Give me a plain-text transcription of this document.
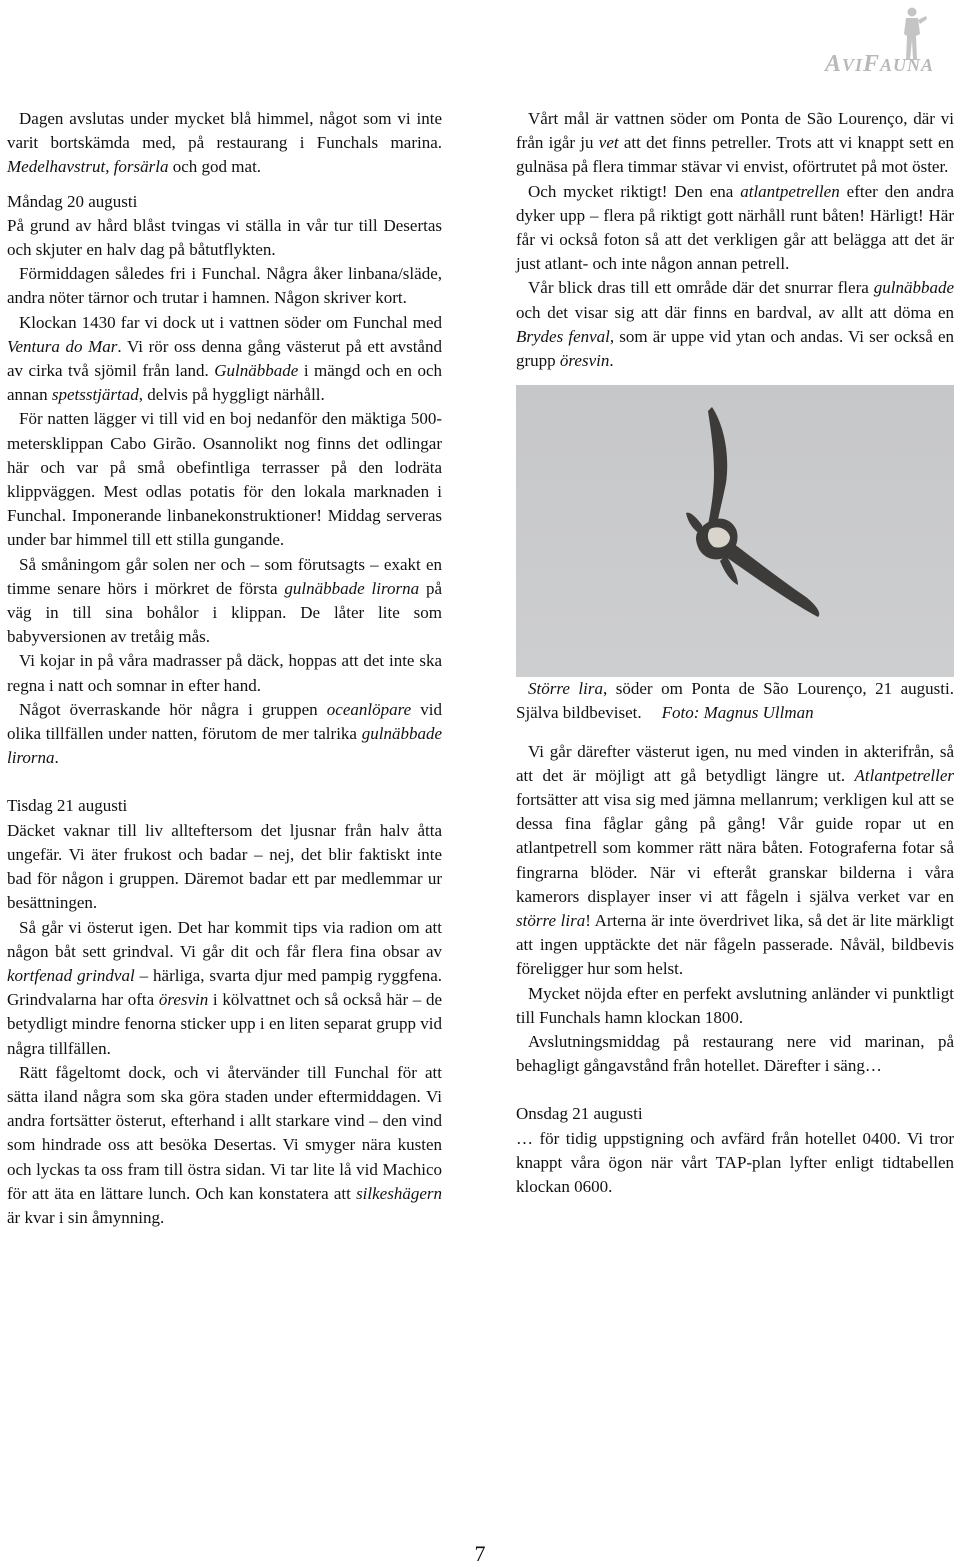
AVIFAUNA

Dagen avslutas under mycket blå himmel, något som vi inte varit bortskämda med, på restaurang i Funchals marina. Medelhavstrut, forsärla och god mat.

Måndag 20 augusti

På grund av hård blåst tvingas vi ställa in vår tur till Desertas och skjuter en halv dag på båtutflykten.

Förmiddagen således fri i Funchal. Några åker linbana/släde, andra nöter tärnor och trutar i hamnen. Någon skriver kort.

Klockan 1430 far vi dock ut i vattnen söder om Funchal med Ventura do Mar. Vi rör oss denna gång västerut på ett avstånd av cirka två sjömil från land. Gulnäbbade i mängd och en och annan spetsstjärtad, delvis på hyggligt närhåll.

För natten lägger vi till vid en boj nedanför den mäktiga 500-metersklippan Cabo Girão. Osannolikt nog finns det odlingar här och var på små obefintliga terrasser på den lodräta klippväggen. Mest odlas potatis för den lokala marknaden i Funchal. Imponerande linbanekonstruktioner! Middag serveras under bar himmel till ett stilla gungande.

Så småningom går solen ner och – som förutsagts – exakt en timme senare hörs i mörkret de första gulnäbbade lirorna på väg in till sina bohålor i klippan. De låter lite som babyversionen av tretåig mås.

Vi kojar in på våra madrasser på däck, hoppas att det inte ska regna i natt och somnar in efter hand.

Något överraskande hör några i gruppen oceanlöpare vid olika tillfällen under natten, förutom de mer talrika gulnäbbade lirorna.

Tisdag 21 augusti

Däcket vaknar till liv allteftersom det ljusnar från halv åtta ungefär. Vi äter frukost och badar – nej, det blir faktiskt inte bad för någon i gruppen. Däremot badar ett par medlemmar ur besättningen.

Så går vi österut igen. Det har kommit tips via radion om att någon båt sett grindval. Vi går dit och får flera fina obsar av kortfenad grindval – härliga, svarta djur med pampig ryggfena. Grindvalarna har ofta öresvin i kölvattnet och så också här – de betydligt mindre fenorna sticker upp i en liten separat grupp vid några tillfällen.

Rätt fågeltomt dock, och vi återvänder till Funchal för att sätta iland några som ska göra staden under eftermiddagen. Vi andra fortsätter österut, efterhand i allt starkare vind – den vind som hindrade oss att besöka Desertas. Vi smyger nära kusten och lyckas ta oss fram till östra sidan. Vi tar lite lå vid Machico för att äta en lättare lunch. Och kan konstatera att silkeshägern är kvar i sin åmynning.

Vårt mål är vattnen söder om Ponta de São Lourenço, där vi från igår ju vet att det finns petreller. Trots att vi knappt sett en gulnäsa på flera timmar stävar vi envist, oförtrutet på mot öster.

Och mycket riktigt! Den ena atlantpetrellen efter den andra dyker upp – flera på riktigt gott närhåll runt båten! Härligt! Här får vi också foton så att det verkligen går att belägga att det är just atlant- och inte någon annan petrell.

Vår blick dras till ett område där det snurrar flera gulnäbbade och det visar sig att där finns en bardval, av allt att döma en Brydes fenval, som är uppe vid ytan och andas. Vi ser också en grupp öresvin.

Större lira, söder om Ponta de São Lourenço, 21 augusti. Själva bildbeviset. Foto: Magnus Ullman

Vi går därefter västerut igen, nu med vinden in akterifrån, så att det är möjligt att gå betydligt längre ut. Atlantpetreller fortsätter att visa sig med jämna mellanrum; verkligen kul att se dessa fina fåglar gång på gång! Vår guide ropar ut en atlantpetrell som kommer rätt nära båten. Fotograferna fotar så fingrarna blöder. När vi efteråt granskar bilderna i våra kamerors displayer inser vi att fågeln i själva verket var en större lira! Arterna är inte överdrivet lika, så det är lite märkligt att ingen upptäckte det när fågeln passerade. Nåväl, bildbevis föreligger hur som helst.

Mycket nöjda efter en perfekt avslutning anländer vi punktligt till Funchals hamn klockan 1800.

Avslutningsmiddag på restaurang nere vid marinan, på behagligt gångavstånd från hotellet. Därefter i säng…

Onsdag 21 augusti

… för tidig uppstigning och avfärd från hotellet 0400. Vi tror knappt våra ögon när vårt TAP-plan lyfter enligt tidtabellen klockan 0600.

7
